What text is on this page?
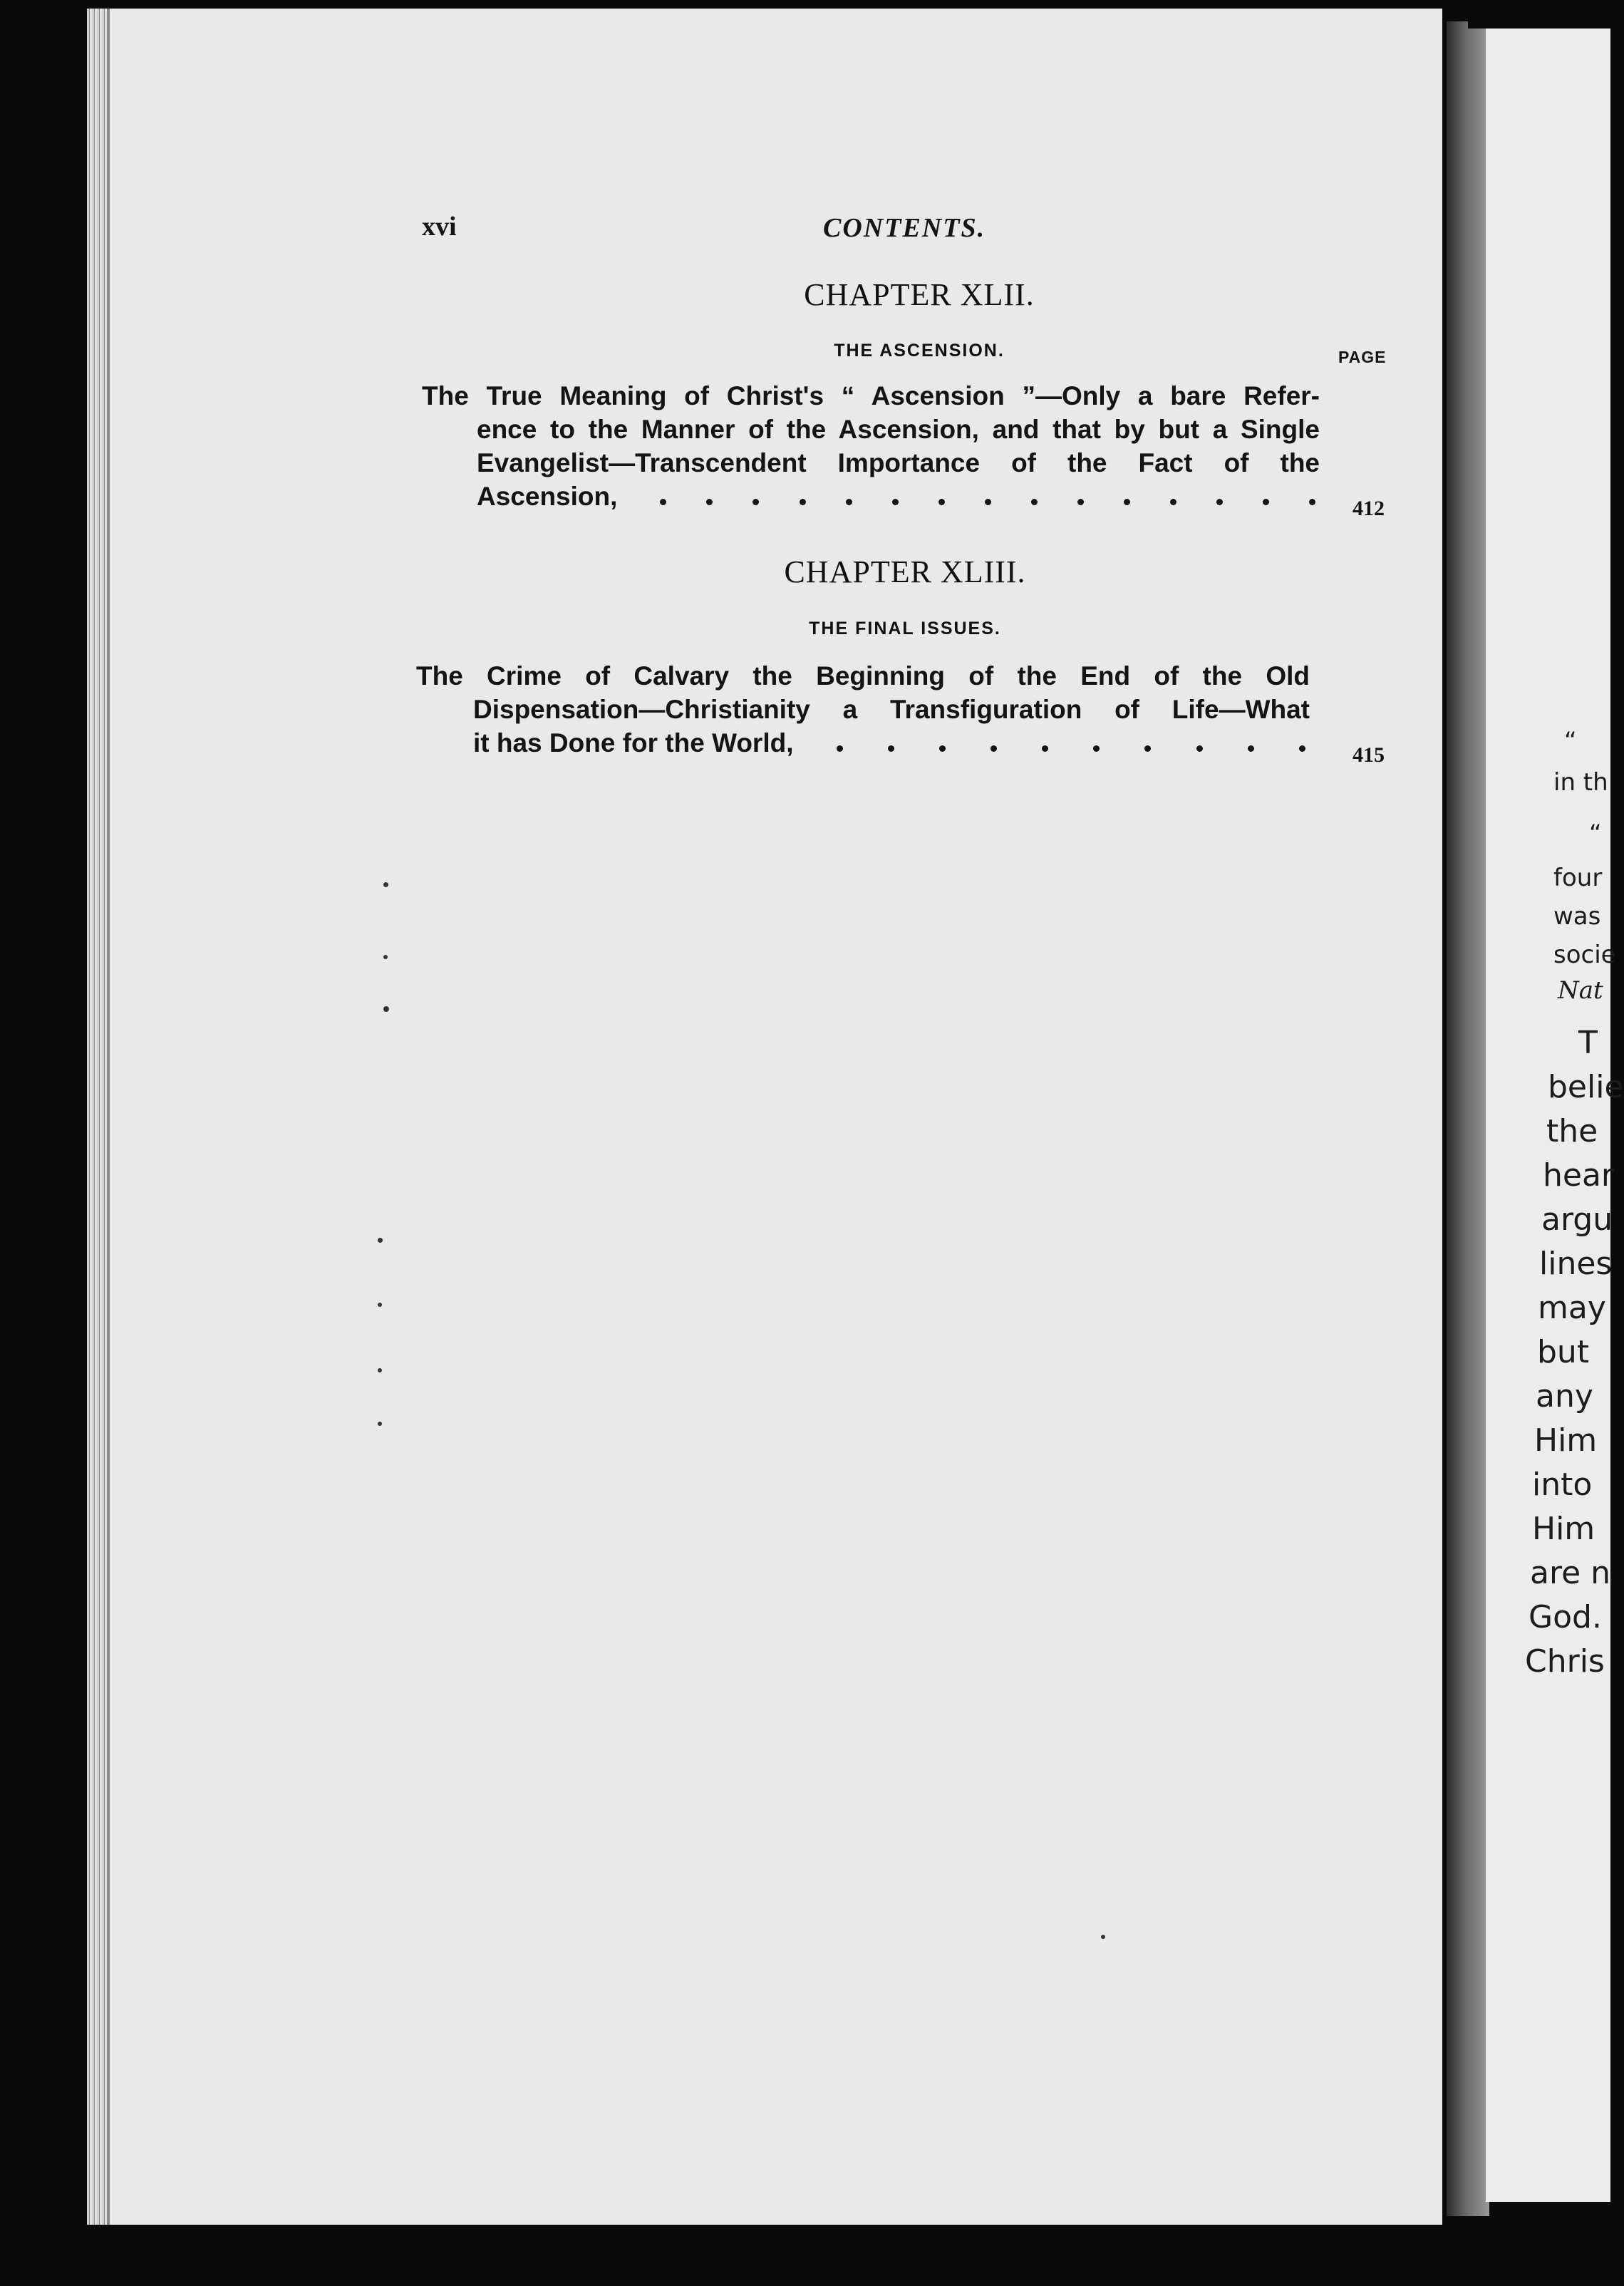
xvi	CONTENTS.
PAGE
CHAPTER XLII.
THE ASCENSION.
The True Meaning of Christ's “ Ascension ”—Only a bare Refer-
ence to the Manner of the Ascension, and that by but a Single
Evangelist—Transcendent Importance of the Fact of the
Ascension,	412
CHAPTER XLIII.
THE FINAL ISSUES.
The Crime of Calvary the Beginning of the End of the Old
Dispensation—Christianity a Transfiguration of Life—What
it has Done for the World,	415	“
in th
“
four
was
socie
Nat
T
belie
the
hear
argu
lines
may
but
any
Him
into
Him
are n
God.
Chris
